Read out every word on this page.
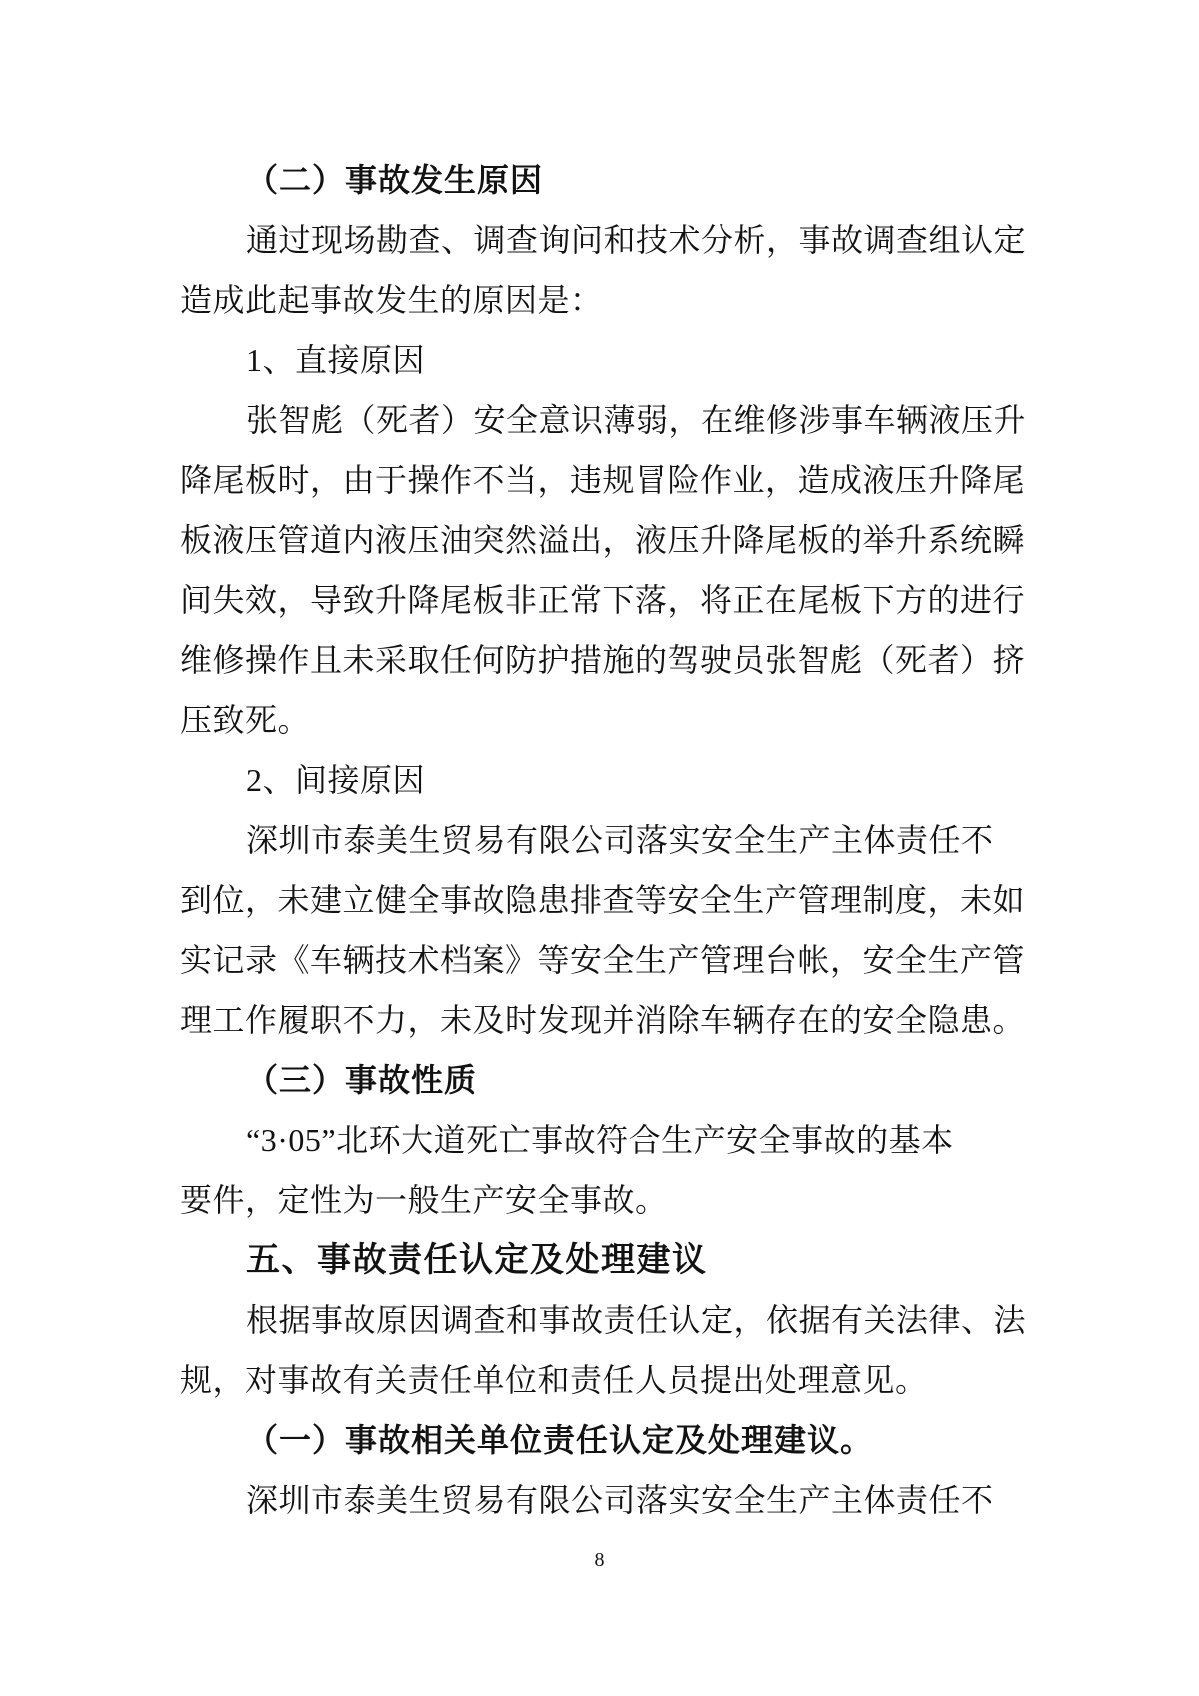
（二）事故发生原因
通过现场勘查、调查询问和技术分析，事故调查组认定
造成此起事故发生的原因是：
1、直接原因
张智彪（死者）安全意识薄弱，在维修涉事车辆液压升
降尾板时，由于操作不当，违规冒险作业，造成液压升降尾
板液压管道内液压油突然溢出，液压升降尾板的举升系统瞬
间失效，导致升降尾板非正常下落，将正在尾板下方的进行
维修操作且未采取任何防护措施的驾驶员张智彪（死者）挤
压致死。
2、间接原因
深圳市泰美生贸易有限公司落实安全生产主体责任不
到位，未建立健全事故隐患排查等安全生产管理制度，未如
实记录《车辆技术档案》等安全生产管理台帐，安全生产管
理工作履职不力，未及时发现并消除车辆存在的安全隐患。
（三）事故性质
“3·05”北环大道死亡事故符合生产安全事故的基本
要件，定性为一般生产安全事故。
五、事故责任认定及处理建议
根据事故原因调查和事故责任认定，依据有关法律、法
规，对事故有关责任单位和责任人员提出处理意见。
（一）事故相关单位责任认定及处理建议。
深圳市泰美生贸易有限公司落实安全生产主体责任不
8
